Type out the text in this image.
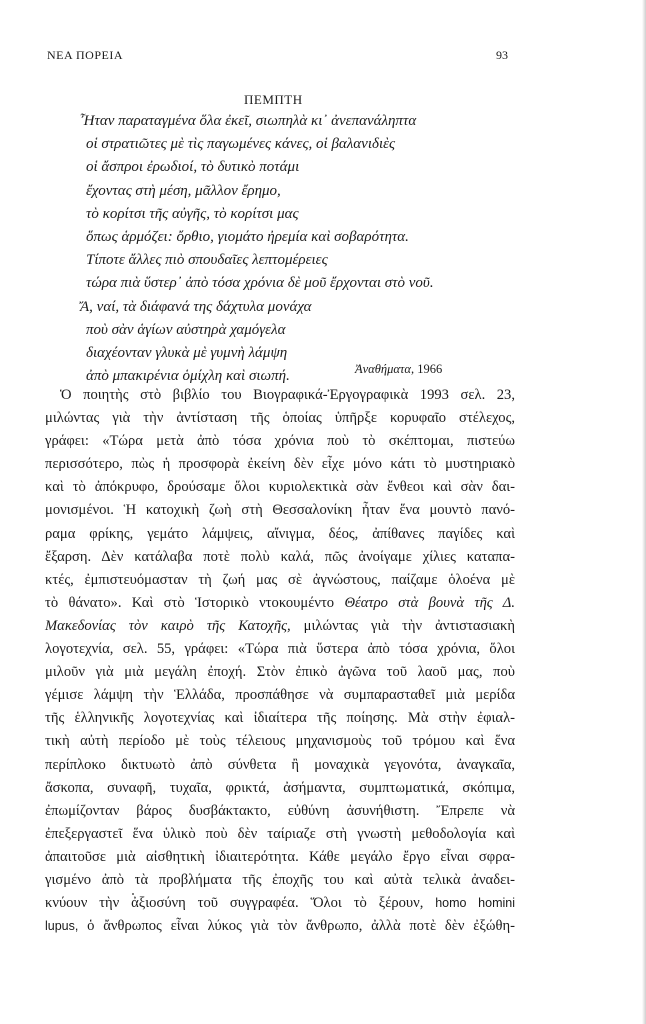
ΝΕΑ ΠΟΡΕΙΑ	93
ΠΕΜΠΤΗ
Ἦταν παραταγμένα ὅλα ἐκεῖ, σιωπηλὰ κι᾿ ἀνεπανάληπτα
οἱ στρατιῶτες μὲ τὶς παγωμένες κάνες, οἱ βαλανιδιὲς
οἱ ἄσπροι ἐρωδιοί, τὸ δυτικὸ ποτάμι
ἔχοντας στὴ μέση, μᾶλλον ἔρημο,
τὸ κορίτσι τῆς αὐγῆς, τὸ κορίτσι μας
ὅπως ἁρμόζει: ὄρθιο, γιομάτο ἠρεμία καὶ σοβαρότητα.
Τίποτε ἄλλες πιὸ σπουδαῖες λεπτομέρειες
τώρα πιὰ ὕστερ᾿ ἀπὸ τόσα χρόνια δὲ μοῦ ἔρχονται στὸ νοῦ.
Ἄ, ναί, τὰ διάφανά της δάχτυλα μονάχα
ποὺ σὰν ἁγίων αὐστηρὰ χαμόγελα
διαχέονταν γλυκὰ μὲ γυμνὴ λάμψη
ἀπὸ μπακιρένια ὁμίχλη καὶ σιωπή.	Ἀναθήματα, 1966
Ὁ ποιητὴς στὸ βιβλίο του Βιογραφικά-Ἐργογραφικὰ 1993 σελ. 23,
μιλώντας γιὰ τὴν ἀντίσταση τῆς ὁποίας ὑπῆρξε κορυφαῖο στέλεχος,
γράφει: «Τώρα μετὰ ἀπὸ τόσα χρόνια ποὺ τὸ σκέπτομαι, πιστεύω
περισσότερο, πὼς ἡ προσφορὰ ἐκείνη δὲν εἶχε μόνο κάτι τὸ μυστηριακὸ
καὶ τὸ ἀπόκρυφο, δρούσαμε ὅλοι κυριολεκτικὰ σὰν ἔνθεοι καὶ σὰν δαι-
μονισμένοι. Ἡ κατοχικὴ ζωὴ στὴ Θεσσαλονίκη ἦταν ἕνα μουντὸ πανό-
ραμα φρίκης, γεμάτο λάμψεις, αἴνιγμα, δέος, ἀπίθανες παγίδες καὶ
ἔξαρση. Δὲν κατάλαβα ποτὲ πολὺ καλά, πῶς ἀνοίγαμε χίλιες καταπα-
κτές, ἐμπιστευόμασταν τὴ ζωή μας σὲ ἀγνώστους, παίζαμε ὁλοένα μὲ
τὸ θάνατο». Καὶ στὸ Ἱστορικὸ ντοκουμέντο Θέατρο στὰ βουνὰ τῆς Δ.
Μακεδονίας τὸν καιρὸ τῆς Κατοχῆς, μιλώντας γιὰ τὴν ἀντιστασιακὴ
λογοτεχνία, σελ. 55, γράφει: «Τώρα πιὰ ὕστερα ἀπὸ τόσα χρόνια, ὅλοι
μιλοῦν γιὰ μιὰ μεγάλη ἐποχή. Στὸν ἐπικὸ ἀγῶνα τοῦ λαοῦ μας, ποὺ
γέμισε λάμψη τὴν Ἑλλάδα, προσπάθησε νὰ συμπαρασταθεῖ μιὰ μερίδα
τῆς ἑλληνικῆς λογοτεχνίας καὶ ἰδιαίτερα τῆς ποίησης. Μὰ στὴν ἐφιαλ-
τικὴ αὐτὴ περίοδο μὲ τοὺς τέλειους μηχανισμοὺς τοῦ τρόμου καὶ ἕνα
περίπλοκο δικτυωτὸ ἀπὸ σύνθετα ἢ μοναχικὰ γεγονότα, ἀναγκαῖα,
ἄσκοπα, συναφῆ, τυχαῖα, φρικτά, ἀσήμαντα, συμπτωματικά, σκόπιμα,
ἐπωμίζονταν βάρος δυσβάκτακτο, εὐθύνη ἀσυνήθιστη. Ἔπρεπε νὰ
ἐπεξεργαστεῖ ἕνα ὑλικὸ ποὺ δὲν ταίριαζε στὴ γνωστὴ μεθοδολογία καὶ
ἀπαιτοῦσε μιὰ αἰσθητικὴ ἰδιαιτερότητα. Κάθε μεγάλο ἔργο εἶναι σφρα-
γισμένο ἀπὸ τὰ προβλήματα τῆς ἐποχῆς του καὶ αὐτὰ τελικὰ ἀναδει-
κνύουν τὴν ἀξιοσύνη τοῦ συγγραφέα. Ὅλοι τὸ ξέρουν, homo homini
lupus, ὁ ἄνθρωπος εἶναι λύκος γιὰ τὸν ἄνθρωπο, ἀλλὰ ποτὲ δὲν ἐξώθη-
